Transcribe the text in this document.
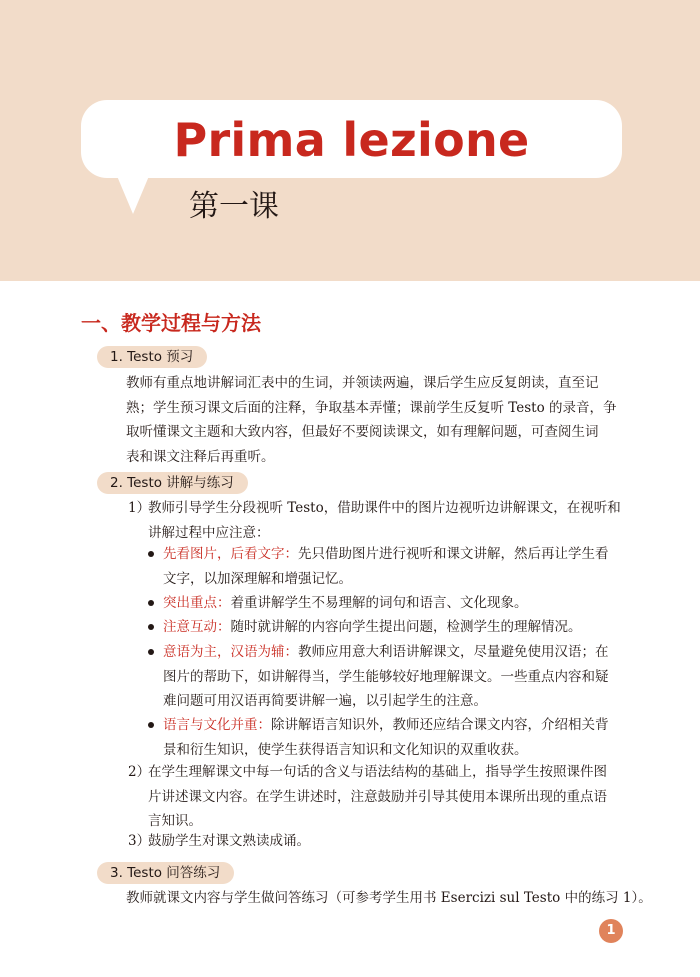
Prima lezione
第一课
一、教学过程与方法
1. Testo 预习
教师有重点地讲解词汇表中的生词，并领读两遍，课后学生应反复朗读，直至记
熟；学生预习课文后面的注释，争取基本弄懂；课前学生反复听 Testo 的录音，争
取听懂课文主题和大致内容，但最好不要阅读课文，如有理解问题，可查阅生词
表和课文注释后再重听。
2. Testo 讲解与练习
1）
教师引导学生分段视听 Testo，借助课件中的图片边视听边讲解课文，在视听和
讲解过程中应注意：
先看图片，后看文字：先只借助图片进行视听和课文讲解，然后再让学生看
文字，以加深理解和增强记忆。
突出重点：着重讲解学生不易理解的词句和语言、文化现象。
注意互动：随时就讲解的内容向学生提出问题，检测学生的理解情况。
意语为主，汉语为辅：教师应用意大利语讲解课文，尽量避免使用汉语；在
图片的帮助下，如讲解得当，学生能够较好地理解课文。一些重点内容和疑
难问题可用汉语再简要讲解一遍，以引起学生的注意。
语言与文化并重：除讲解语言知识外，教师还应结合课文内容，介绍相关背
景和衍生知识，使学生获得语言知识和文化知识的双重收获。
2）
在学生理解课文中每一句话的含义与语法结构的基础上，指导学生按照课件图
片讲述课文内容。在学生讲述时，注意鼓励并引导其使用本课所出现的重点语
言知识。
3）
鼓励学生对课文熟读成诵。
3. Testo 问答练习
教师就课文内容与学生做问答练习（可参考学生用书 Esercizi sul Testo 中的练习 1）。
1
